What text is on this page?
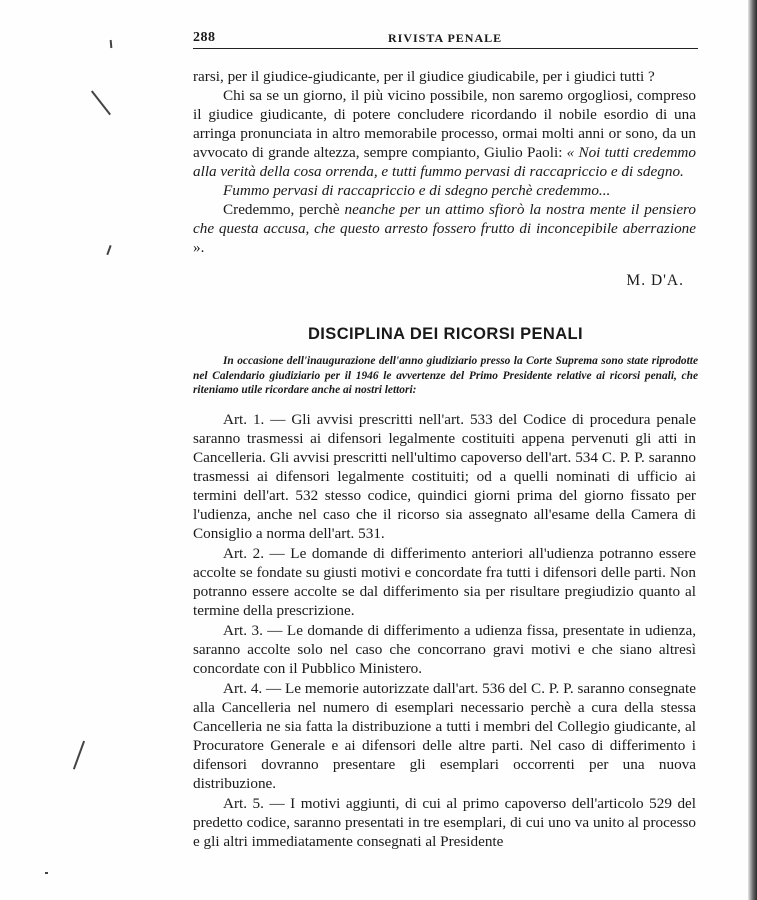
288	RIVISTA PENALE

rarsi, per il giudice-giudicante, per il giudice giudicabile, per i giudici tutti ?

Chi sa se un giorno, il più vicino possibile, non saremo orgogliosi, compreso il giudice giudicante, di potere concludere ricordando il nobile esordio di una arringa pronunciata in altro memorabile processo, ormai molti anni or sono, da un avvocato di grande altezza, sempre compianto, Giulio Paoli: « Noi tutti credemmo alla verità della cosa orrenda, e tutti fummo pervasi di raccapriccio e di sdegno.

Fummo pervasi di raccapriccio e di sdegno perchè credemmo...

Credemmo, perchè neanche per un attimo sfiorò la nostra mente il pensiero che questa accusa, che questo arresto fossero frutto di inconcepibile aberrazione ».

M. D'A.
DISCIPLINA DEI RICORSI PENALI
In occasione dell'inaugurazione dell'anno giudiziario presso la Corte Suprema sono state riprodotte nel Calendario giudiziario per il 1946 le avvertenze del Primo Presidente relative ai ricorsi penali, che riteniamo utile ricordare anche ai nostri lettori:

Art. 1. — Gli avvisi prescritti nell'art. 533 del Codice di procedura penale saranno trasmessi ai difensori legalmente costituiti appena pervenuti gli atti in Cancelleria. Gli avvisi prescritti nell'ultimo capoverso dell'art. 534 C. P. P. saranno trasmessi ai difensori legalmente costituiti; od a quelli nominati di ufficio ai termini dell'art. 532 stesso codice, quindici giorni prima del giorno fissato per l'udienza, anche nel caso che il ricorso sia assegnato all'esame della Camera di Consiglio a norma dell'art. 531.

Art. 2. — Le domande di differimento anteriori all'udienza potranno essere accolte se fondate su giusti motivi e concordate fra tutti i difensori delle parti. Non potranno essere accolte se dal differimento sia per risultare pregiudizio quanto al termine della prescrizione.

Art. 3. — Le domande di differimento a udienza fissa, presentate in udienza, saranno accolte solo nel caso che concorrano gravi motivi e che siano altresì concordate con il Pubblico Ministero.

Art. 4. — Le memorie autorizzate dall'art. 536 del C. P. P. saranno consegnate alla Cancelleria nel numero di esemplari necessario perchè a cura della stessa Cancelleria ne sia fatta la distribuzione a tutti i membri del Collegio giudicante, al Procuratore Generale e ai difensori delle altre parti. Nel caso di differimento i difensori dovranno presentare gli esemplari occorrenti per una nuova distribuzione.

Art. 5. — I motivi aggiunti, di cui al primo capoverso dell'articolo 529 del predetto codice, saranno presentati in tre esemplari, di cui uno va unito al processo e gli altri immediatamente consegnati al Presidente
